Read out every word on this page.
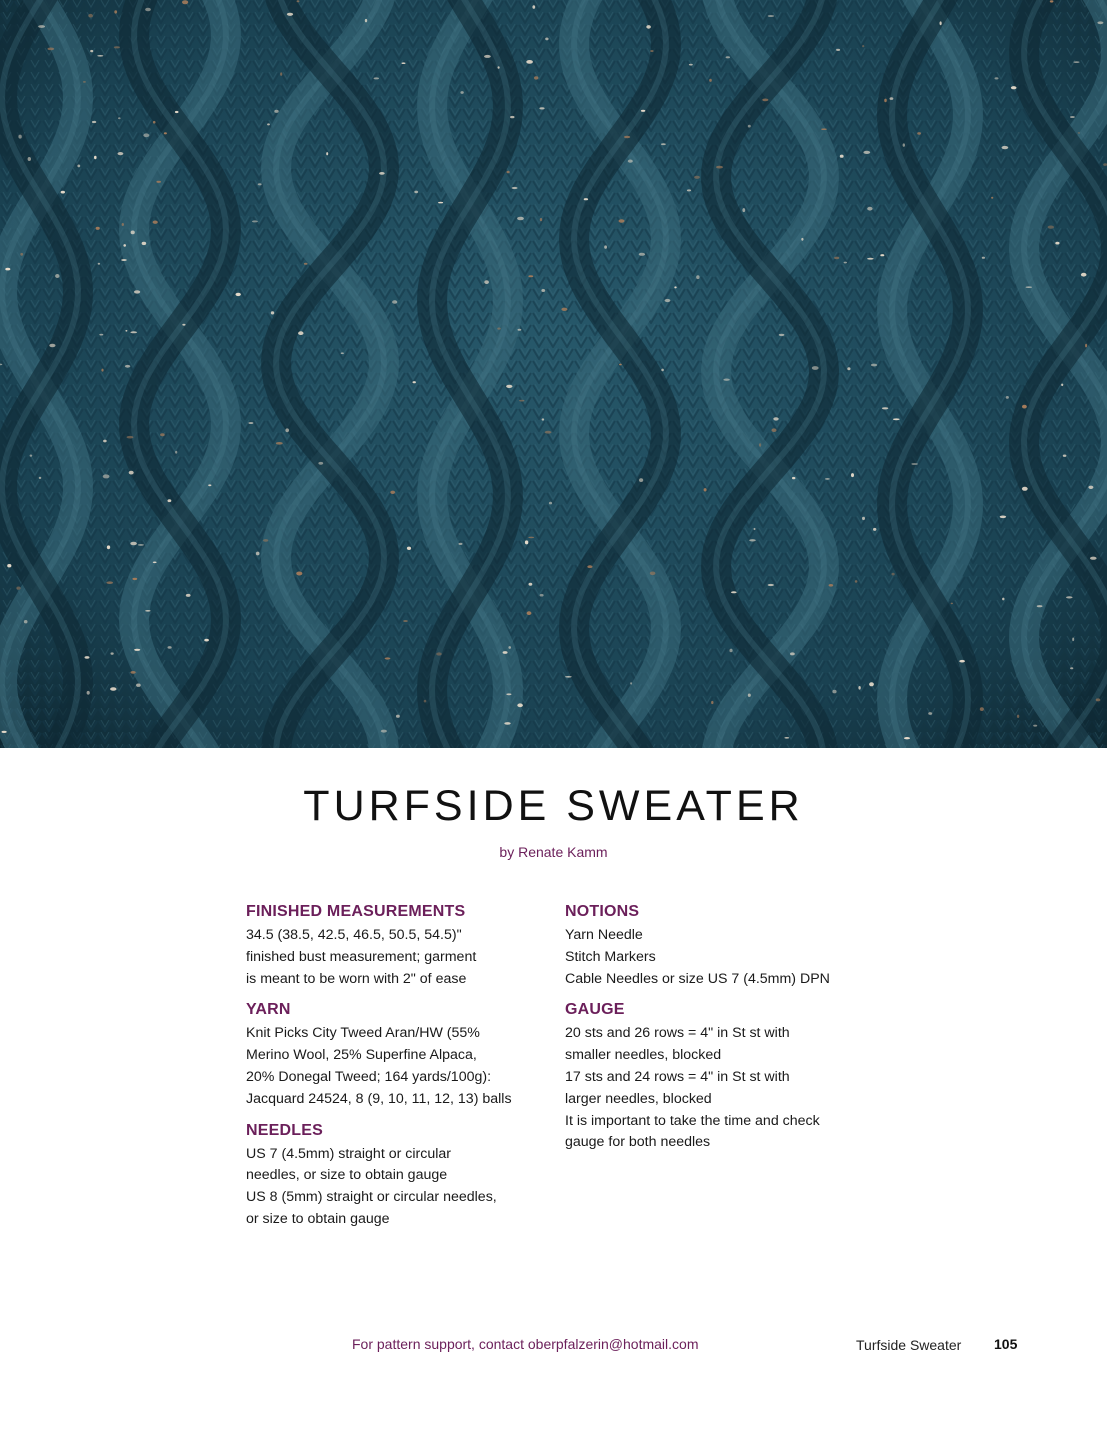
TURFSIDE SWEATER
by Renate Kamm
FINISHED MEASUREMENTS
34.5 (38.5, 42.5, 46.5, 50.5, 54.5)"
finished bust measurement; garment
is meant to be worn with 2" of ease
YARN
Knit Picks City Tweed Aran/HW (55%
Merino Wool, 25% Superfine Alpaca,
20% Donegal Tweed; 164 yards/100g):
Jacquard 24524, 8 (9, 10, 11, 12, 13) balls
NEEDLES
US 7 (4.5mm) straight or circular
needles, or size to obtain gauge
US 8 (5mm) straight or circular needles,
or size to obtain gauge
NOTIONS
Yarn Needle
Stitch Markers
Cable Needles or size US 7 (4.5mm) DPN
GAUGE
20 sts and 26 rows = 4" in St st with
smaller needles, blocked
17 sts and 24 rows = 4" in St st with
larger needles, blocked
It is important to take the time and check
gauge for both needles
For pattern support, contact oberpfalzerin@hotmail.com	Turfside Sweater 105
